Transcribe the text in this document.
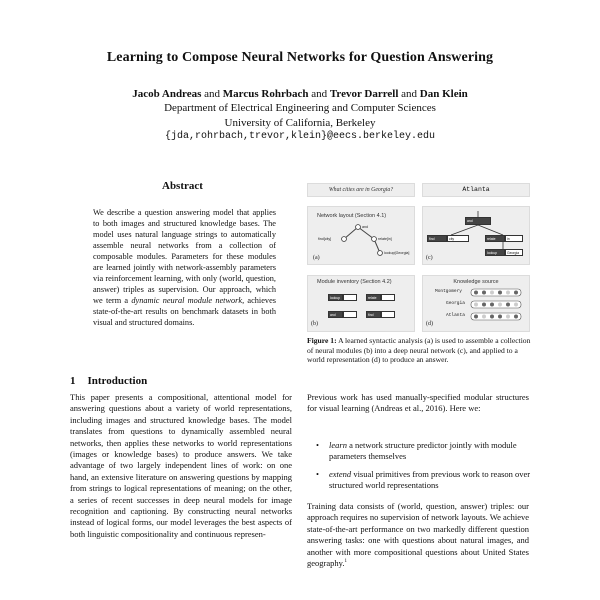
Learning to Compose Neural Networks for Question Answering
Jacob Andreas and Marcus Rohrbach and Trevor Darrell and Dan Klein
Department of Electrical Engineering and Computer Sciences
University of California, Berkeley
{jda,rohrbach,trevor,klein}@eecs.berkeley.edu
Abstract
We describe a question answering model that applies to both images and structured knowledge bases. The model uses natural language strings to automatically assemble neural networks from a collection of composable modules. Parameters for these modules are learned jointly with network-assembly parameters via reinforcement learning, with only (world, question, answer) triples as supervision. Our approach, which we term a dynamic neural module network, achieves state-of-the-art results on benchmark datasets in both visual and structured domains.
1 Introduction
This paper presents a compositional, attentional model for answering questions about a variety of world representations, including images and structured knowledge bases. The model translates from questions to dynamically assembled neural networks, then applies these networks to world representations (images or knowledge bases) to produce answers. We take advantage of two largely independent lines of work: on one hand, an extensive literature on answering questions by mapping from strings to logical representations of meaning; on the other, a series of recent successes in deep neural models for image recognition and captioning. By constructing neural networks instead of logical forms, our model leverages the best aspects of both linguistic compositionality and continuous represen-
What cities are in Georgia?	Atlanta
Network layout (Section 4.1)
and
find[city]	relate[in]
lookup[Georgia]
(a)
and
find	city	relate	in
lookup	Georgia
(c)
Module inventory (Section 4.2)
lookup	relate
and	find
(b)
Knowledge source
Montgomery
Georgia
Atlanta
(d)
Figure 1: A learned syntactic analysis (a) is used to assemble a collection of neural modules (b) into a deep neural network (c), and applied to a world representation (d) to produce an answer.
Previous work has used manually-specified modular structures for visual learning (Andreas et al., 2016). Here we:
• learn a network structure predictor jointly with module parameters themselves
• extend visual primitives from previous work to reason over structured world representations
Training data consists of (world, question, answer) triples: our approach requires no supervision of network layouts. We achieve state-of-the-art performance on two markedly different question answering tasks: one with questions about natural images, and another with more compositional questions about United States geography.$^1$
